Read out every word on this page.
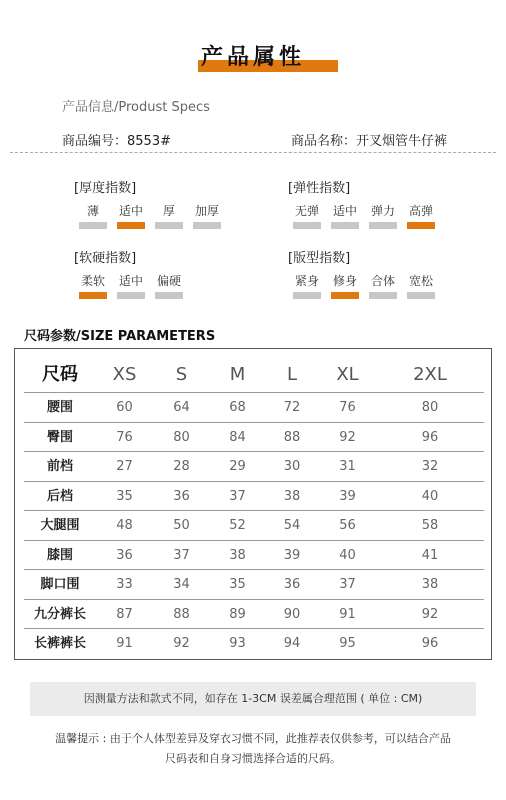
产品属性
产品信息/Produst Specs
商品编号：8553#	商品名称：开叉烟管牛仔裤
[厚度指数]
薄	适中	厚	加厚
[弹性指数]
无弹	适中	弹力	高弹
[软硬指数]
柔软	适中	偏硬
[版型指数]
紧身	修身	合体	宽松
尺码参数/SIZE PARAMETERS
尺码	XS	S	M	L	XL	2XL
腰围	60	64	68	72	76	80
臀围	76	80	84	88	92	96
前档	27	28	29	30	31	32
后档	35	36	37	38	39	40
大腿围	48	50	52	54	56	58
膝围	36	37	38	39	40	41
脚口围	33	34	35	36	37	38
九分裤长	87	88	89	90	91	92
长裤裤长	91	92	93	94	95	96
因测量方法和款式不同，如存在 1-3CM 误差属合理范围 ( 单位 : CM)
温馨提示 : 由于个人体型差异及穿衣习惯不同，此推荐表仅供参考，可以结合产品
尺码表和自身习惯选择合适的尺码。
